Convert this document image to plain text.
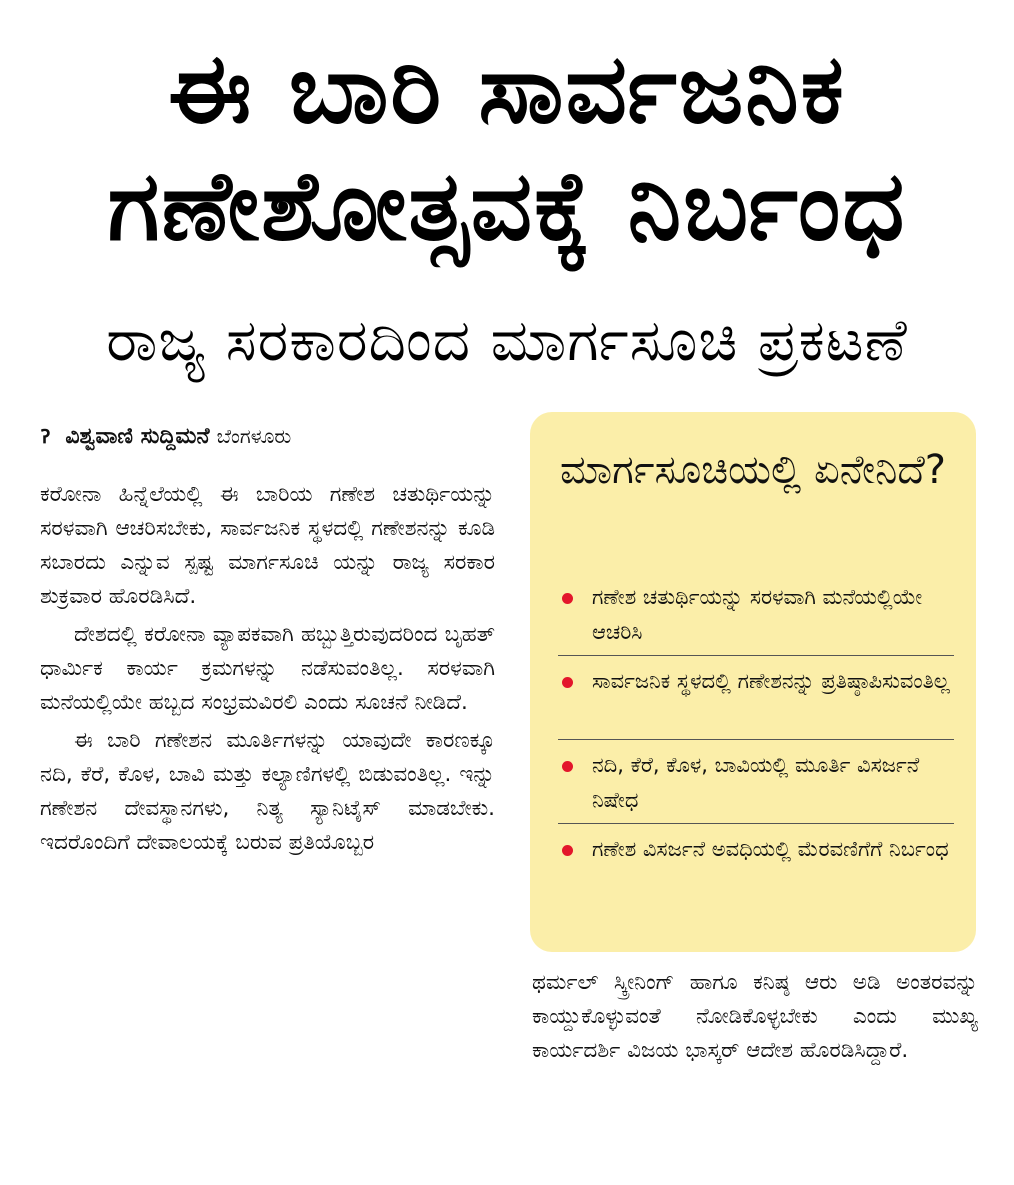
ಈ ಬಾರಿ ಸಾರ್ವಜನಿಕ
ಗಣೇಶೋತ್ಸವಕ್ಕೆ ನಿರ್ಬಂಧ
ರಾಜ್ಯ ಸರಕಾರದಿಂದ ಮಾರ್ಗಸೂಚಿ ಪ್ರಕಟಣೆ
ॽ ವಿಶ್ವವಾಣಿ ಸುದ್ದಿಮನೆ ಬೆಂಗಳೂರು

ಕರೋನಾ ಹಿನ್ನೆಲೆಯಲ್ಲಿ ಈ ಬಾರಿಯ ಗಣೇಶ ಚತುರ್ಥಿಯನ್ನು ಸರಳವಾಗಿ ಆಚರಿಸಬೇಕು, ಸಾರ್ವಜನಿಕ ಸ್ಥಳದಲ್ಲಿ ಗಣೇಶನನ್ನು ಕೂಡಿ ಸಬಾರದು ಎನ್ನುವ ಸ್ಪಷ್ಟ ಮಾರ್ಗಸೂಚಿ ಯನ್ನು ರಾಜ್ಯ ಸರಕಾರ ಶುಕ್ರವಾರ ಹೊರಡಿಸಿದೆ.

ದೇಶದಲ್ಲಿ ಕರೋನಾ ವ್ಯಾಪಕವಾಗಿ ಹಬ್ಬುತ್ತಿರುವುದರಿಂದ ಬೃಹತ್ ಧಾರ್ಮಿಕ ಕಾರ್ಯ ಕ್ರಮಗಳನ್ನು ನಡೆಸುವಂತಿಲ್ಲ. ಸರಳವಾಗಿ ಮನೆಯಲ್ಲಿಯೇ ಹಬ್ಬದ ಸಂಭ್ರಮವಿರಲಿ ಎಂದು ಸೂಚನೆ ನೀಡಿದೆ.

ಈ ಬಾರಿ ಗಣೇಶನ ಮೂರ್ತಿಗಳನ್ನು ಯಾವುದೇ ಕಾರಣಕ್ಕೂ ನದಿ, ಕೆರೆ, ಕೊಳ, ಬಾವಿ ಮತ್ತು ಕಲ್ಯಾಣಿಗಳಲ್ಲಿ ಬಿಡುವಂತಿಲ್ಲ. ಇನ್ನು ಗಣೇಶನ ದೇವಸ್ಥಾನಗಳು, ನಿತ್ಯ ಸ್ಯಾನಿಟೈಸ್ ಮಾಡಬೇಕು. ಇದರೊಂದಿಗೆ ದೇವಾಲಯಕ್ಕೆ ಬರುವ ಪ್ರತಿಯೊಬ್ಬರ

ಮಾರ್ಗಸೂಚಿಯಲ್ಲಿ ಏನೇನಿದೆ?
ಗಣೇಶ ಚತುರ್ಥಿಯನ್ನು ಸರಳವಾಗಿ ಮನೆಯಲ್ಲಿಯೇ ಆಚರಿಸಿ
ಸಾರ್ವಜನಿಕ ಸ್ಥಳದಲ್ಲಿ ಗಣೇಶನನ್ನು ಪ್ರತಿಷ್ಠಾಪಿಸುವಂತಿಲ್ಲ
ನದಿ, ಕೆರೆ, ಕೊಳ, ಬಾವಿಯಲ್ಲಿ ಮೂರ್ತಿ ವಿಸರ್ಜನೆ ನಿಷೇಧ
ಗಣೇಶ ವಿಸರ್ಜನೆ ಅವಧಿಯಲ್ಲಿ ಮೆರವಣಿಗೆಗೆ ನಿರ್ಬಂಧ

ಥರ್ಮಲ್ ಸ್ಕ್ರೀನಿಂಗ್ ಹಾಗೂ ಕನಿಷ್ಠ ಆರು ಅಡಿ ಅಂತರವನ್ನು ಕಾಯ್ದುಕೊಳ್ಳುವಂತೆ ನೋಡಿಕೊಳ್ಳಬೇಕು ಎಂದು ಮುಖ್ಯ ಕಾರ್ಯದರ್ಶಿ ವಿಜಯ ಭಾಸ್ಕರ್ ಆದೇಶ ಹೊರಡಿಸಿದ್ದಾರೆ.
